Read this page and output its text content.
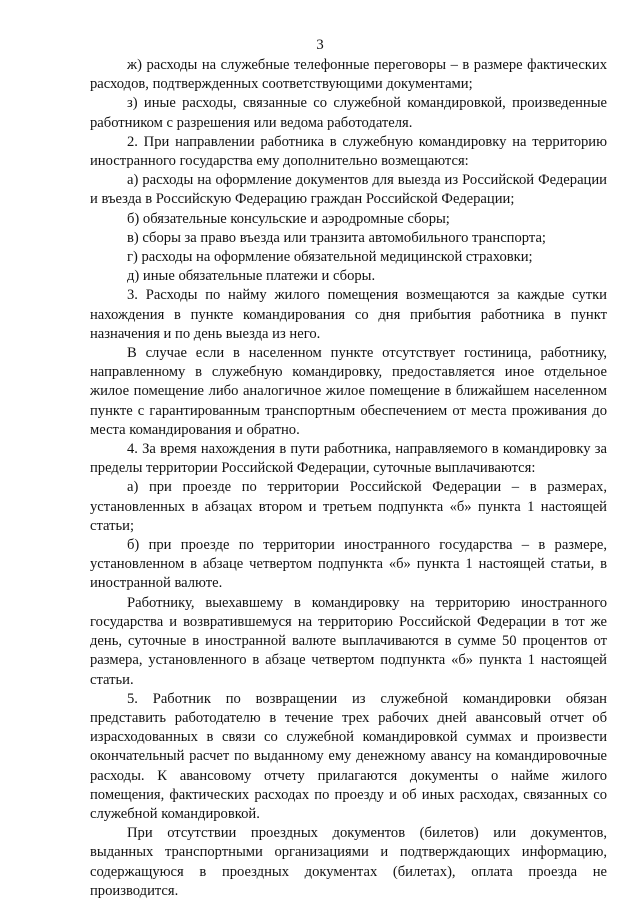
3

ж) расходы на служебные телефонные переговоры – в размере фактических расходов, подтвержденных соответствующими документами;

з) иные расходы, связанные со служебной командировкой, произведенные работником с разрешения или ведома работодателя.

2. При направлении работника в служебную командировку на территорию иностранного государства ему дополнительно возмещаются:

а) расходы на оформление документов для выезда из Российской Федерации и въезда в Российскую Федерацию граждан Российской Федерации;

б) обязательные консульские и аэродромные сборы;

в) сборы за право въезда или транзита автомобильного транспорта;

г) расходы на оформление обязательной медицинской страховки;

д) иные обязательные платежи и сборы.

3. Расходы по найму жилого помещения возмещаются за каждые сутки нахождения в пункте командирования со дня прибытия работника в пункт назначения и по день выезда из него.

В случае если в населенном пункте отсутствует гостиница, работнику, направленному в служебную командировку, предоставляется иное отдельное жилое помещение либо аналогичное жилое помещение в ближайшем населенном пункте с гарантированным транспортным обеспечением от места проживания до места командирования и обратно.

4. За время нахождения в пути работника, направляемого в командировку за пределы территории Российской Федерации, суточные выплачиваются:

а) при проезде по территории Российской Федерации – в размерах, установленных в абзацах втором и третьем подпункта «б» пункта 1 настоящей статьи;

б) при проезде по территории иностранного государства – в размере, установленном в абзаце четвертом подпункта «б» пункта 1 настоящей статьи, в иностранной валюте.

Работнику, выехавшему в командировку на территорию иностранного государства и возвратившемуся на территорию Российской Федерации в тот же день, суточные в иностранной валюте выплачиваются в сумме 50 процентов от размера, установленного в абзаце четвертом подпункта «б» пункта 1 настоящей статьи.

5. Работник по возвращении из служебной командировки обязан представить работодателю в течение трех рабочих дней авансовый отчет об израсходованных в связи со служебной командировкой суммах и произвести окончательный расчет по выданному ему денежному авансу на командировочные расходы. К авансовому отчету прилагаются документы о найме жилого помещения, фактических расходах по проезду и об иных расходах, связанных со служебной командировкой.

При отсутствии проездных документов (билетов) или документов, выданных транспортными организациями и подтверждающих информацию, содержащуюся в проездных документах (билетах), оплата проезда не производится.
